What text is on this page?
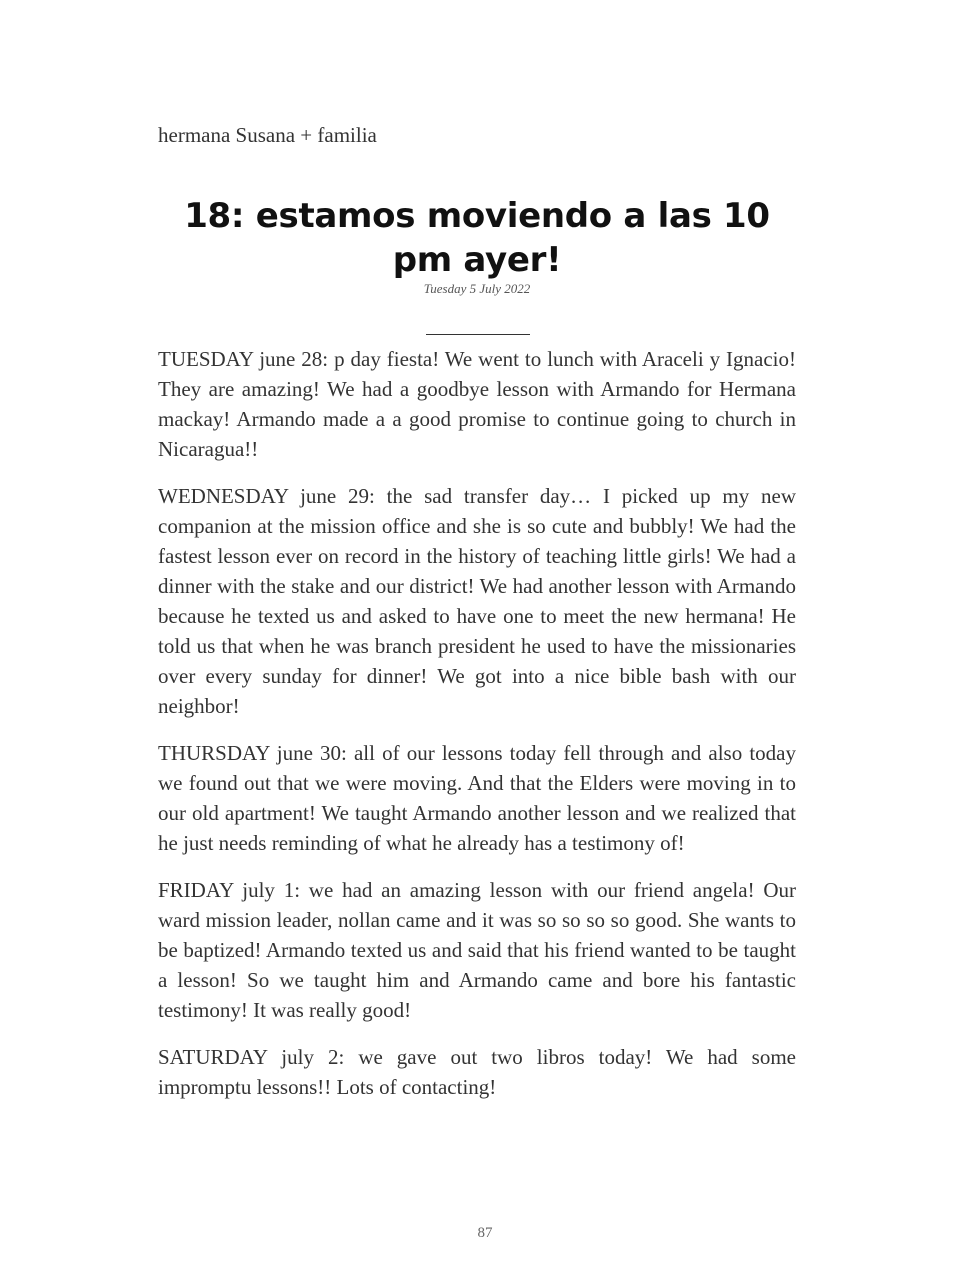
hermana Susana + familia
18: estamos moviendo a las 10 pm ayer!
Tuesday 5 July 2022

TUESDAY june 28: p day fiesta! We went to lunch with Araceli y Ignacio! They are amazing! We had a goodbye lesson with Armando for Hermana mackay! Armando made a a good promise to continue going to church in Nicaragua!!

WEDNESDAY june 29: the sad transfer day… I picked up my new companion at the mission office and she is so cute and bubbly! We had the fastest lesson ever on record in the history of teaching little girls! We had a dinner with the stake and our district! We had another lesson with Armando because he texted us and asked to have one to meet the new hermana! He told us that when he was branch president he used to have the missionaries over every sunday for dinner! We got into a nice bible bash with our neighbor!

THURSDAY june 30: all of our lessons today fell through and also today we found out that we were moving. And that the Elders were moving in to our old apartment! We taught Armando another lesson and we realized that he just needs reminding of what he already has a testimony of!

FRIDAY july 1: we had an amazing lesson with our friend angela! Our ward mission leader, nollan came and it was so so so so good. She wants to be baptized! Armando texted us and said that his friend wanted to be taught a lesson! So we taught him and Armando came and bore his fantastic testimony! It was really good!

SATURDAY july 2: we gave out two libros today! We had some impromptu lessons!! Lots of contacting!

87
